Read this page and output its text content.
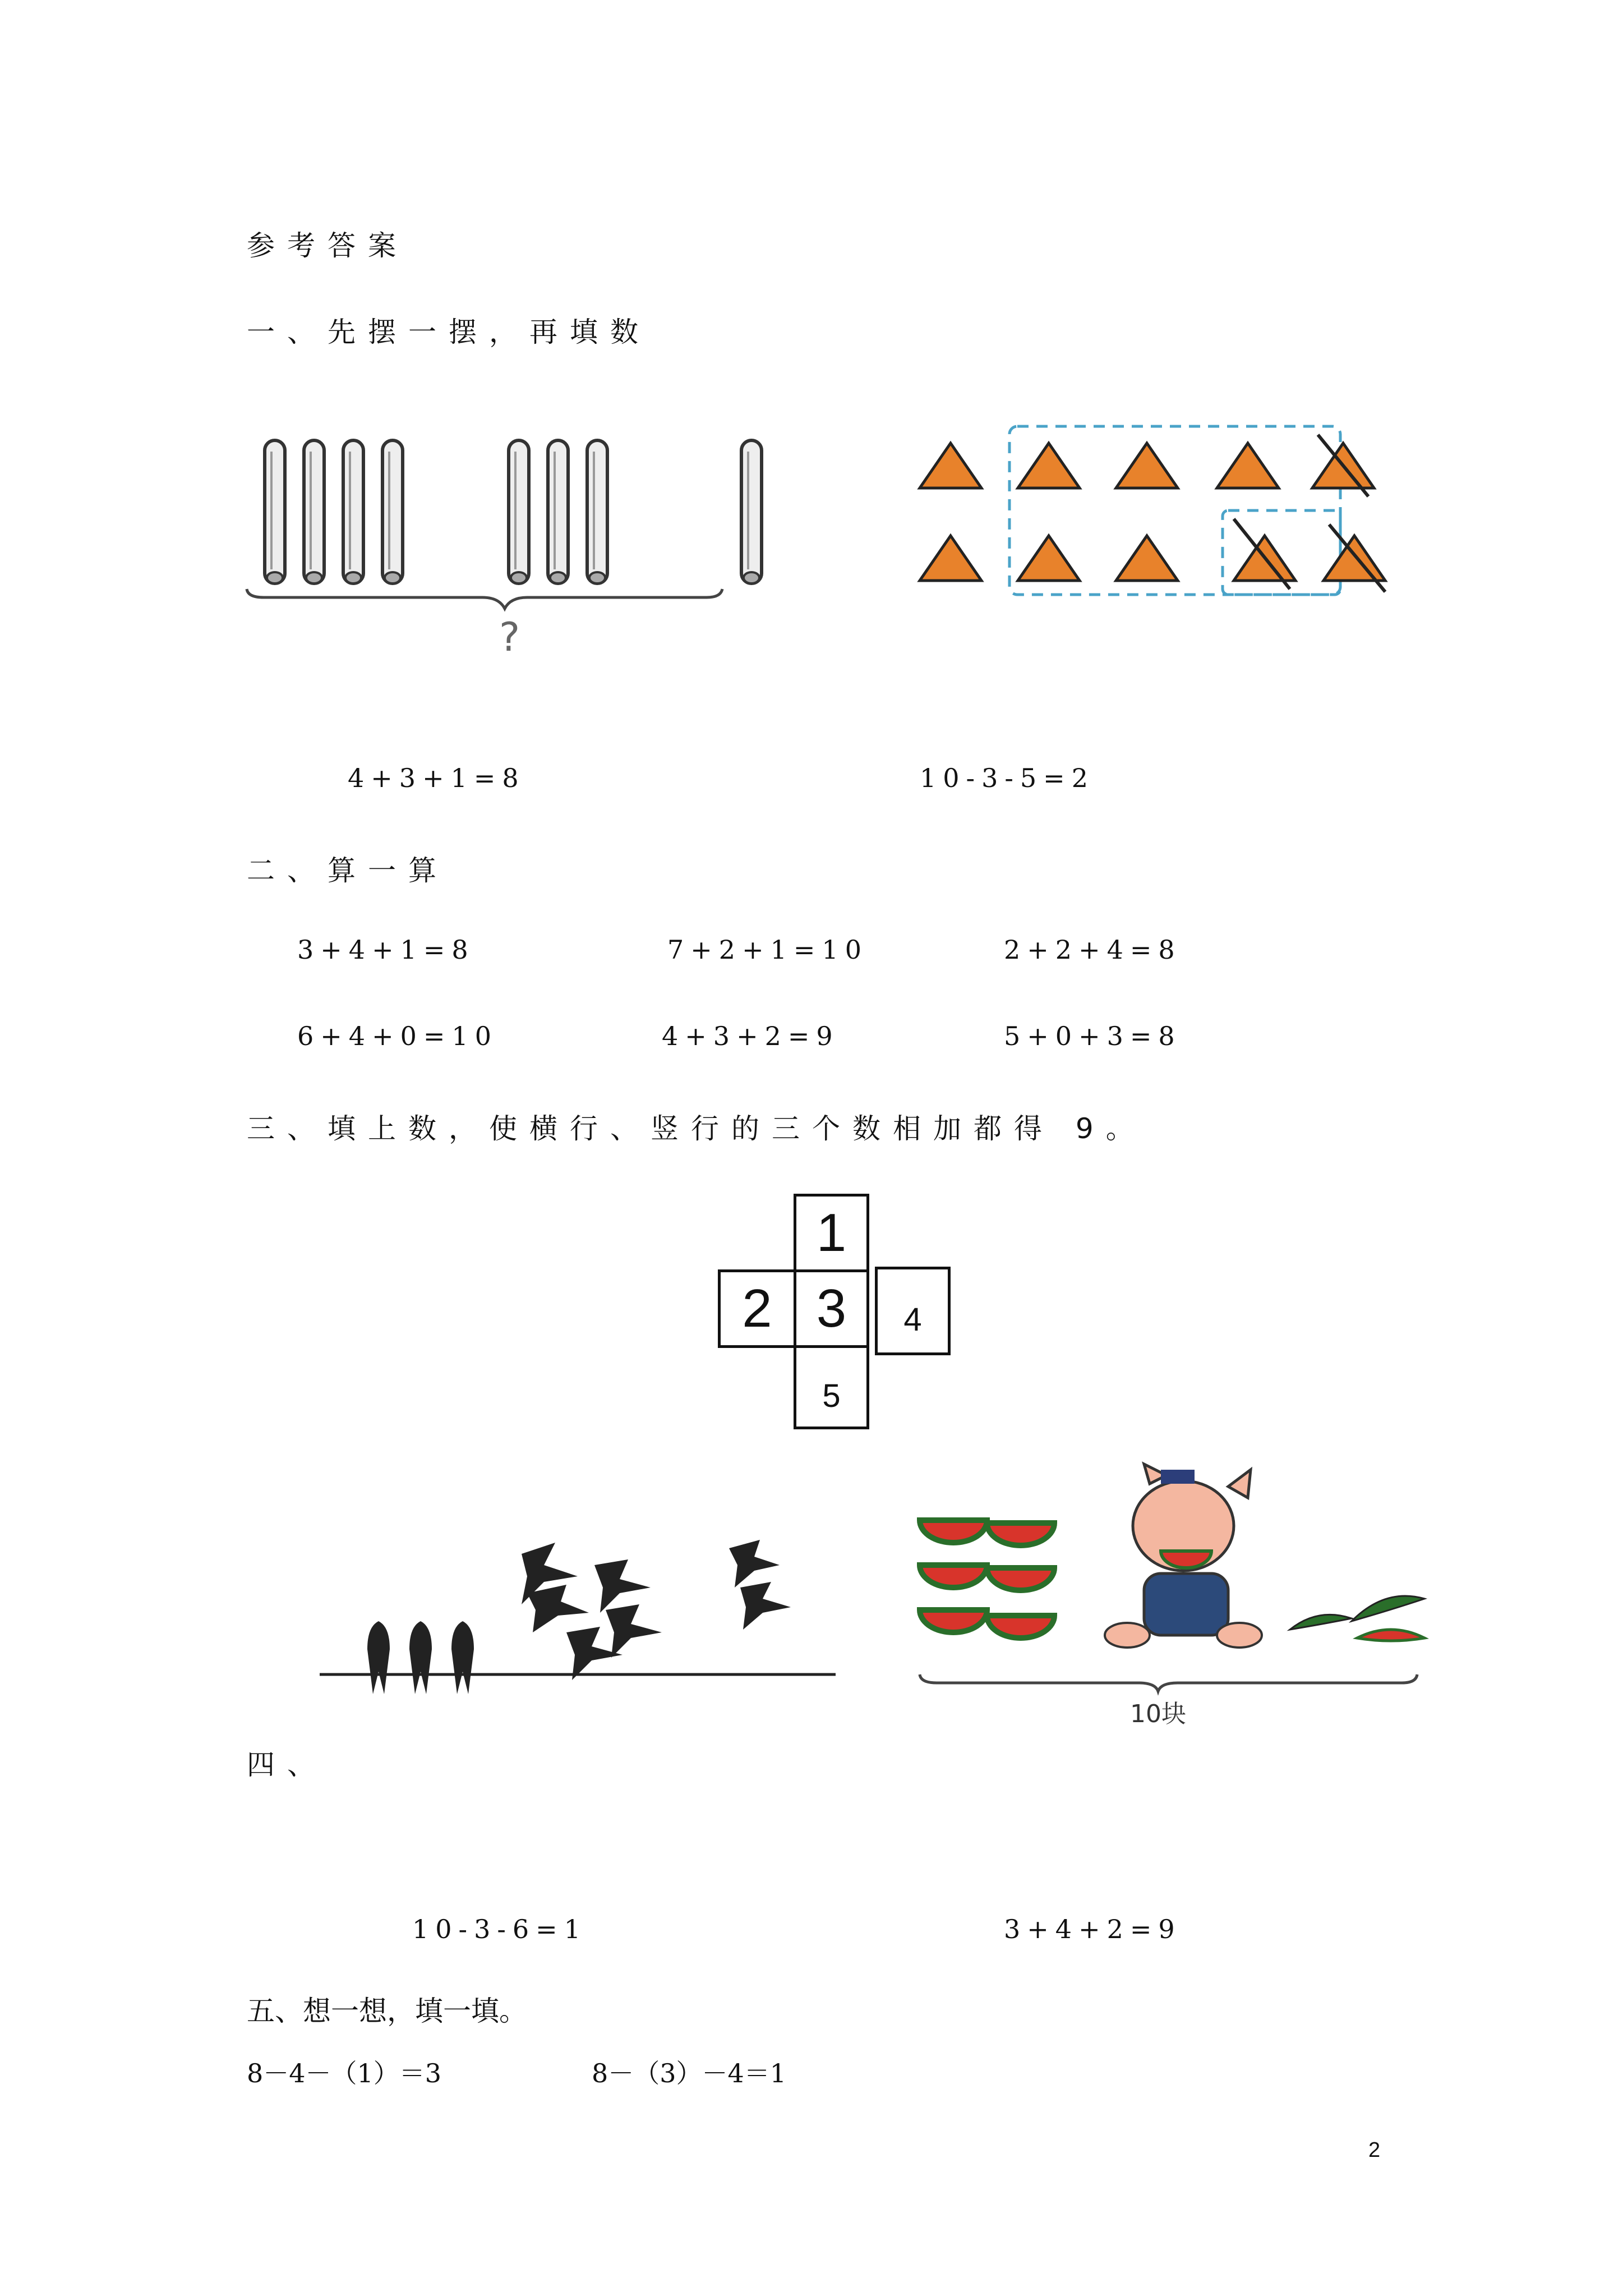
参考答案
一、先摆一摆，再填数
?
4+3+1=8	10-3-5=2
二、算一算
3+4+1=8	7+2+1=10	2+2+4=8
6+4+0=10	4+3+2=9	5+0+3=8
三、填上数，使横行、竖行的三个数相加都得 9。
1
2 3	4
5
10块
四、
10-3-6=1	3+4+2=9
五、想一想，填一填。
8－4－（1）＝3	8－（3）－4＝1
2
